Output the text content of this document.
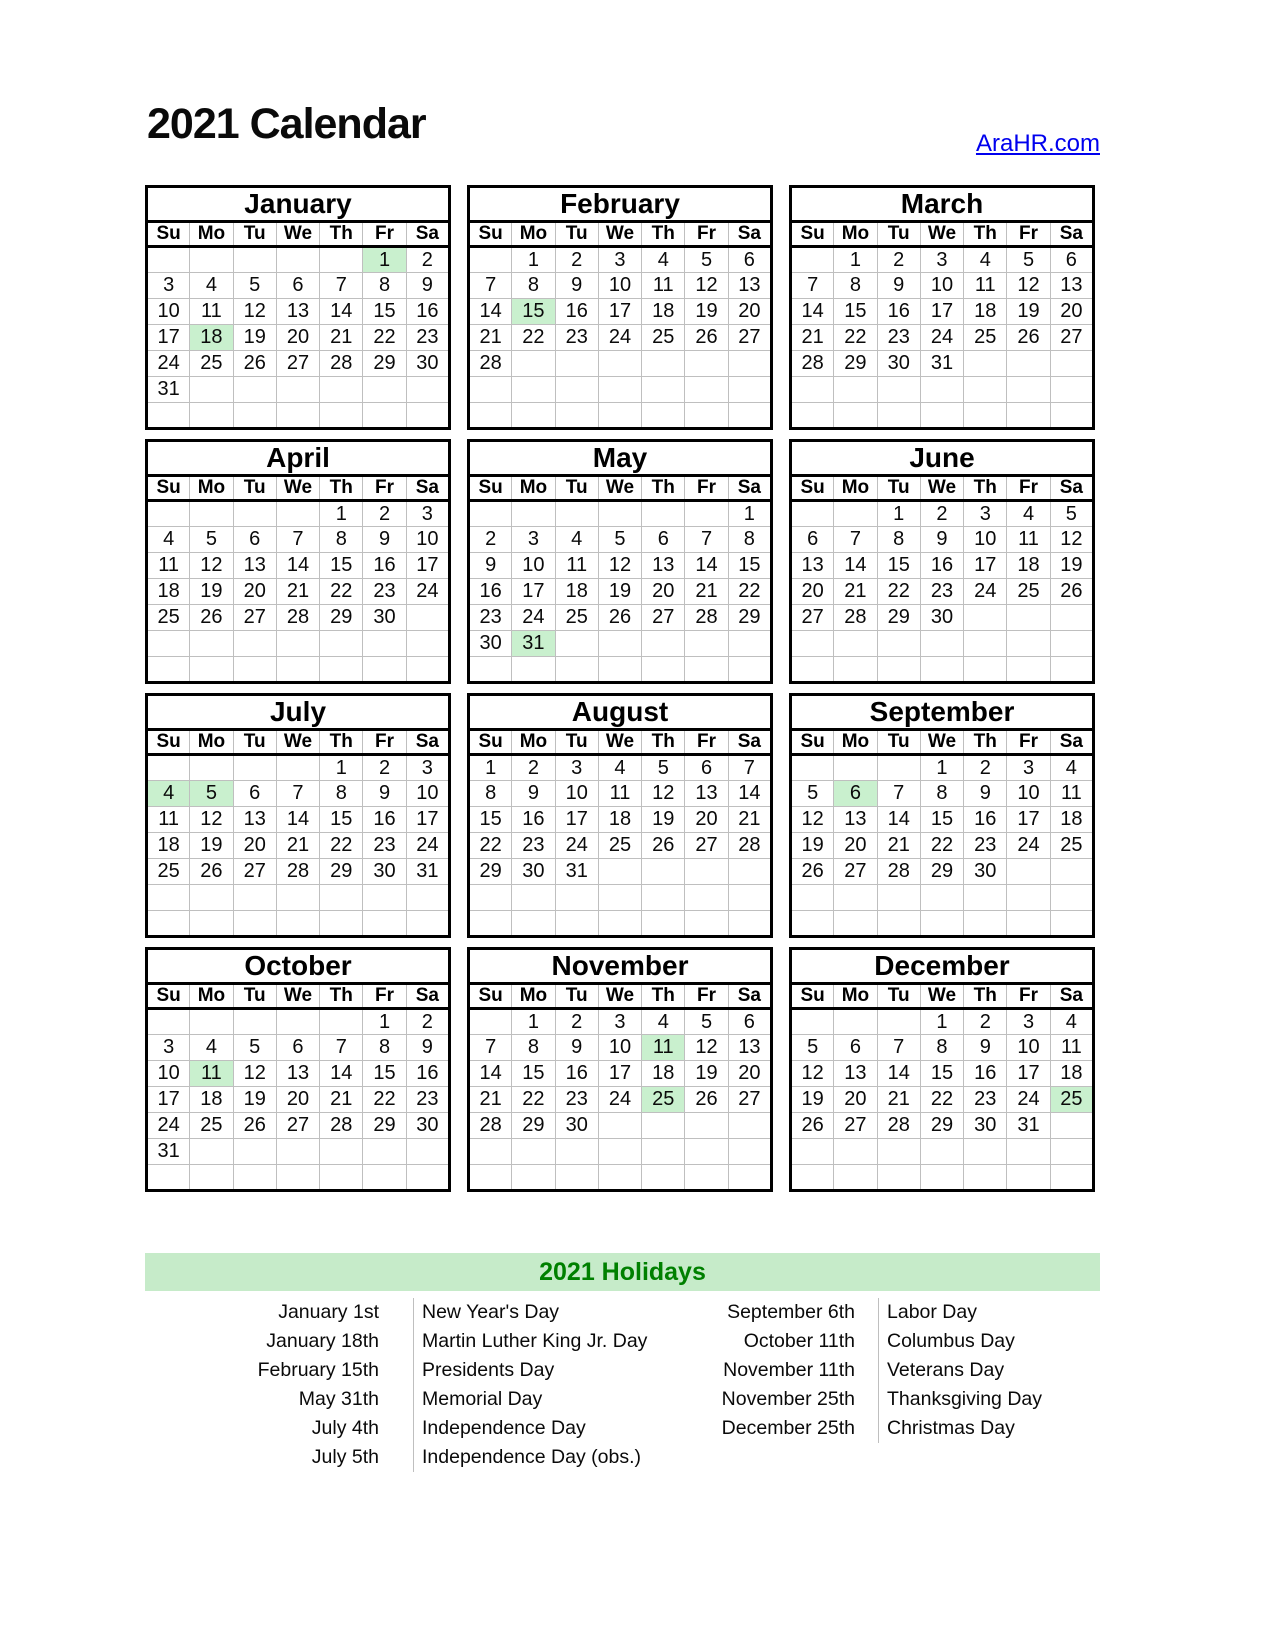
2021 Calendar	AraHR.com
January						
Su	Mo	Tu	We	Th	Fr	Sa
					1	2
3	4	5	6	7	8	9
10	11	12	13	14	15	16
17	18	19	20	21	22	23
24	25	26	27	28	29	30
31						

February						
Su	Mo	Tu	We	Th	Fr	Sa
	1	2	3	4	5	6
7	8	9	10	11	12	13
14	15	16	17	18	19	20
21	22	23	24	25	26	27
28						

March						
Su	Mo	Tu	We	Th	Fr	Sa
	1	2	3	4	5	6
7	8	9	10	11	12	13
14	15	16	17	18	19	20
21	22	23	24	25	26	27
28	29	30	31			

April						
Su	Mo	Tu	We	Th	Fr	Sa
				1	2	3
4	5	6	7	8	9	10
11	12	13	14	15	16	17
18	19	20	21	22	23	24
25	26	27	28	29	30	

May						
Su	Mo	Tu	We	Th	Fr	Sa
						1
2	3	4	5	6	7	8
9	10	11	12	13	14	15
16	17	18	19	20	21	22
23	24	25	26	27	28	29
30	31					

June						
Su	Mo	Tu	We	Th	Fr	Sa
		1	2	3	4	5
6	7	8	9	10	11	12
13	14	15	16	17	18	19
20	21	22	23	24	25	26
27	28	29	30			

July						
Su	Mo	Tu	We	Th	Fr	Sa
				1	2	3
4	5	6	7	8	9	10
11	12	13	14	15	16	17
18	19	20	21	22	23	24
25	26	27	28	29	30	31

August						
Su	Mo	Tu	We	Th	Fr	Sa
1	2	3	4	5	6	7
8	9	10	11	12	13	14
15	16	17	18	19	20	21
22	23	24	25	26	27	28
29	30	31				

September						
Su	Mo	Tu	We	Th	Fr	Sa
			1	2	3	4
5	6	7	8	9	10	11
12	13	14	15	16	17	18
19	20	21	22	23	24	25
26	27	28	29	30		

October						
Su	Mo	Tu	We	Th	Fr	Sa
					1	2
3	4	5	6	7	8	9
10	11	12	13	14	15	16
17	18	19	20	21	22	23
24	25	26	27	28	29	30
31						

November						
Su	Mo	Tu	We	Th	Fr	Sa
	1	2	3	4	5	6
7	8	9	10	11	12	13
14	15	16	17	18	19	20
21	22	23	24	25	26	27
28	29	30				

December						
Su	Mo	Tu	We	Th	Fr	Sa
			1	2	3	4
5	6	7	8	9	10	11
12	13	14	15	16	17	18
19	20	21	22	23	24	25
26	27	28	29	30	31	

2021 Holidays
January 1st	New Year's Day	September 6th	Labor Day
January 18th	Martin Luther King Jr. Day	October 11th	Columbus Day
February 15th	Presidents Day	November 11th	Veterans Day
May 31th	Memorial Day	November 25th	Thanksgiving Day
July 4th	Independence Day	December 25th	Christmas Day
July 5th	Independence Day (obs.)
